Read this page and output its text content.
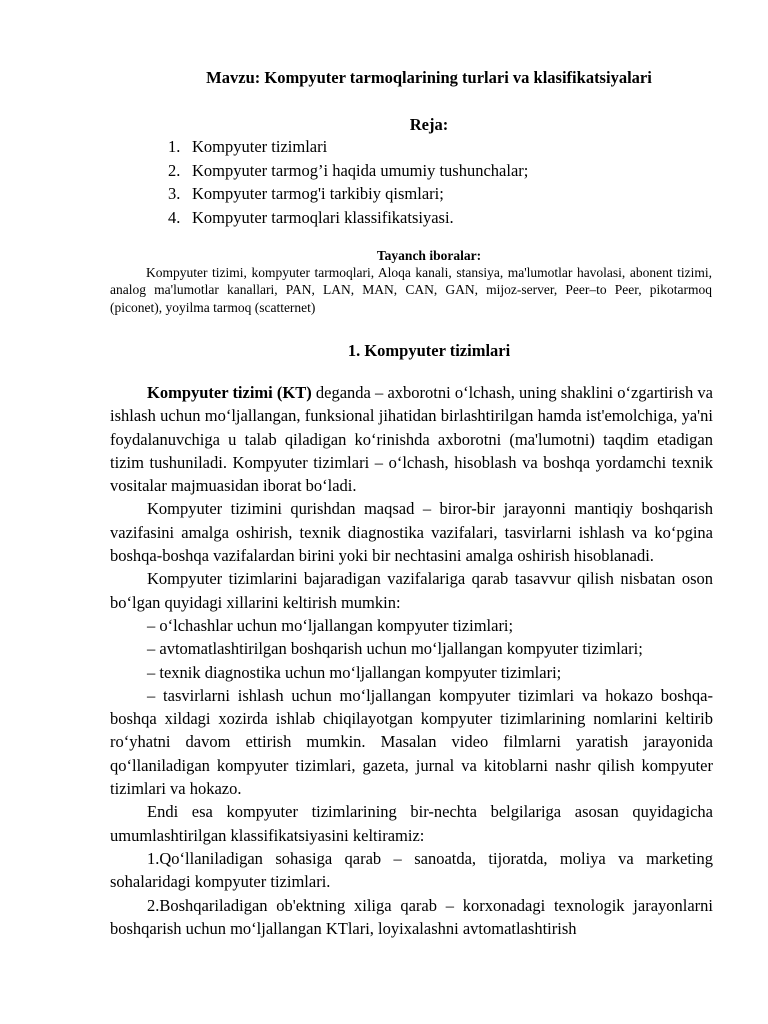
Mavzu: Kompyuter tarmoqlarining turlari va klasifikatsiyalari
Reja:
1. Kompyuter tizimlari
2. Kompyuter tarmog’i haqida umumiy tushunchalar;
3. Kompyuter tarmog'i tarkibiy qismlari;
4. Kompyuter tarmoqlari klassifikatsiyasi.
Tayanch iboralar:

Kompyuter tizimi, kompyuter tarmoqlari, Aloqa kanali, stansiya, ma'lumotlar havolasi, abonent tizimi, analog ma'lumotlar kanallari, PAN, LAN, MAN, CAN, GAN, mijoz-server, Peer–to Peer, pikotarmoq (piconet), yoyilma tarmoq (scatternet)

1. Kompyuter tizimlari

Kompyuter tizimi (KT) deganda – axborotni o‘lchash, uning shaklini o‘zgartirish va ishlash uchun mo‘ljallangan, funksional jihatidan birlashtirilgan hamda ist'emolchiga, ya'ni foydalanuvchiga u talab qiladigan ko‘rinishda axborotni (ma'lumotni) taqdim etadigan tizim tushuniladi. Kompyuter tizimlari – o‘lchash, hisoblash va boshqa yordamchi texnik vositalar majmuasidan iborat bo‘ladi.

Kompyuter tizimini qurishdan maqsad – biror-bir jarayonni mantiqiy boshqarish vazifasini amalga oshirish, texnik diagnostika vazifalari, tasvirlarni ishlash va ko‘pgina boshqa-boshqa vazifalardan birini yoki bir nechtasini amalga oshirish hisoblanadi.

Kompyuter tizimlarini bajaradigan vazifalariga qarab tasavvur qilish nisbatan oson bo‘lgan quyidagi xillarini keltirish mumkin:

– o‘lchashlar uchun mo‘ljallangan kompyuter tizimlari;

– avtomatlashtirilgan boshqarish uchun mo‘ljallangan kompyuter tizimlari;

– texnik diagnostika uchun mo‘ljallangan kompyuter tizimlari;

– tasvirlarni ishlash uchun mo‘ljallangan kompyuter tizimlari va hokazo boshqa-boshqa xildagi xozirda ishlab chiqilayotgan kompyuter tizimlarining nomlarini keltirib ro‘yhatni davom ettirish mumkin. Masalan video filmlarni yaratish jarayonida qo‘llaniladigan kompyuter tizimlari, gazeta, jurnal va kitoblarni nashr qilish kompyuter tizimlari va hokazo.

Endi esa kompyuter tizimlarining bir-nechta belgilariga asosan quyidagicha umumlashtirilgan klassifikatsiyasini keltiramiz:

1.Qo‘llaniladigan sohasiga qarab – sanoatda, tijoratda, moliya va marketing sohalaridagi kompyuter tizimlari.

2.Boshqariladigan ob'ektning xiliga qarab – korxonadagi texnologik jarayonlarni boshqarish uchun mo‘ljallangan KTlari, loyixalashni avtomatlashtirish
